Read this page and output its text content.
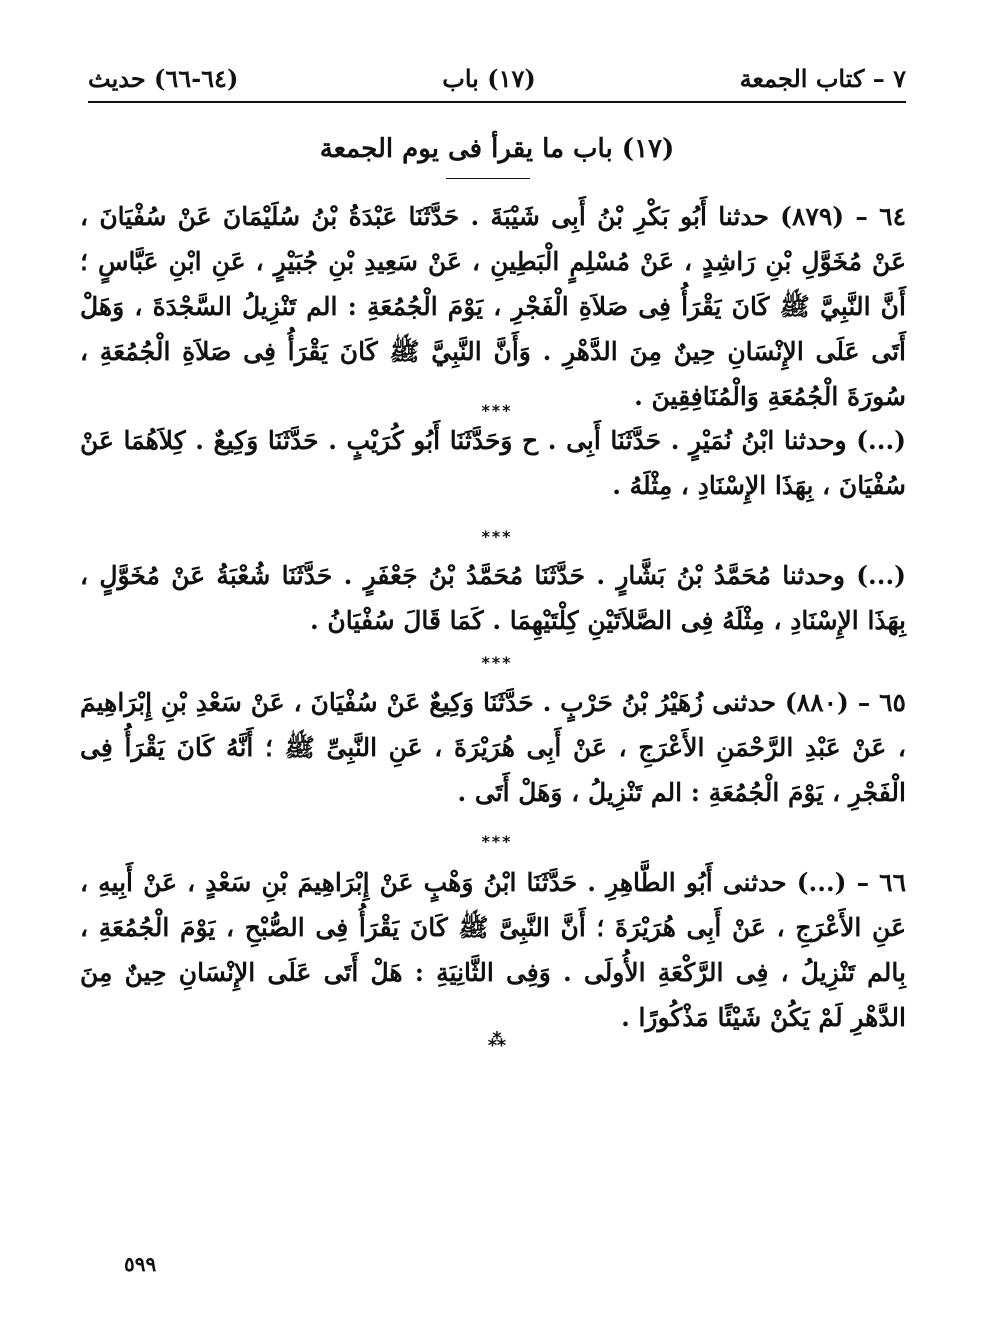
٧ – كتاب الجمعة
(١٧) باب
(٦٤-٦٦) حديث
(١٧) باب ما يقرأ فى يوم الجمعة
٦٤ – (٨٧٩) حدثنا أَبُو بَكْرِ بْنُ أَبِى شَيْبَةَ . حَدَّثَنَا عَبْدَةُ بْنُ سُلَيْمَانَ عَنْ سُفْيَانَ ، عَنْ مُخَوَّلِ بْنِ رَاشِدٍ ، عَنْ مُسْلِمٍ الْبَطِينِ ، عَنْ سَعِيدِ بْنِ جُبَيْرٍ ، عَنِ ابْنِ عَبَّاسٍ ؛ أَنَّ النَّبِيَّ ﷺ كَانَ يَقْرَأُ فِى صَلاَةِ الْفَجْرِ ، يَوْمَ الْجُمُعَةِ : الم تَنْزِيلُ السَّجْدَةَ ، وَهَلْ أَتَى عَلَى الإِنْسَانِ حِينٌ مِنَ الدَّهْرِ . وَأَنَّ النَّبِيَّ ﷺ كَانَ يَقْرَأُ فِى صَلاَةِ الْجُمُعَةِ ، سُورَةَ الْجُمُعَةِ وَالْمُنَافِقِينَ .
***
(...) وحدثنا ابْنُ نُمَيْرٍ . حَدَّثَنَا أَبِى . ح وَحَدَّثَنَا أَبُو كُرَيْبٍ . حَدَّثَنَا وَكِيعٌ . كِلاَهُمَا عَنْ سُفْيَانَ ، بِهَذَا الإِسْنَادِ ، مِثْلَهُ .
***
(...) وحدثنا مُحَمَّدُ بْنُ بَشَّارٍ . حَدَّثَنَا مُحَمَّدُ بْنُ جَعْفَرٍ . حَدَّثَنَا شُعْبَةُ عَنْ مُخَوَّلٍ ، بِهَذَا الإِسْنَادِ ، مِثْلَهُ فِى الصَّلاَتَيْنِ كِلْتَيْهِمَا . كَمَا قَالَ سُفْيَانُ .
***
٦٥ – (٨٨٠) حدثنى زُهَيْرُ بْنُ حَرْبٍ . حَدَّثَنَا وَكِيعٌ عَنْ سُفْيَانَ ، عَنْ سَعْدِ بْنِ إِبْرَاهِيمَ ، عَنْ عَبْدِ الرَّحْمَنِ الأَعْرَجِ ، عَنْ أَبِى هُرَيْرَةَ ، عَنِ النَّبِىِّ ﷺ ؛ أَنَّهُ كَانَ يَقْرَأُ فِى الْفَجْرِ ، يَوْمَ الْجُمُعَةِ : الم تَنْزِيلُ ، وَهَلْ أَتَى .
***
٦٦ – (...) حدثنى أَبُو الطَّاهِرِ . حَدَّثَنَا ابْنُ وَهْبٍ عَنْ إِبْرَاهِيمَ بْنِ سَعْدٍ ، عَنْ أَبِيهِ ، عَنِ الأَعْرَجِ ، عَنْ أَبِى هُرَيْرَةَ ؛ أَنَّ النَّبِىَّ ﷺ كَانَ يَقْرَأُ فِى الصُّبْحِ ، يَوْمَ الْجُمُعَةِ ، بِالم تَنْزِيلُ ، فِى الرَّكْعَةِ الأُولَى . وَفِى الثَّانِيَةِ : هَلْ أَتَى عَلَى الإِنْسَانِ حِينٌ مِنَ الدَّهْرِ لَمْ يَكُنْ شَيْئًا مَذْكُورًا .
⁂
٥٩٩
